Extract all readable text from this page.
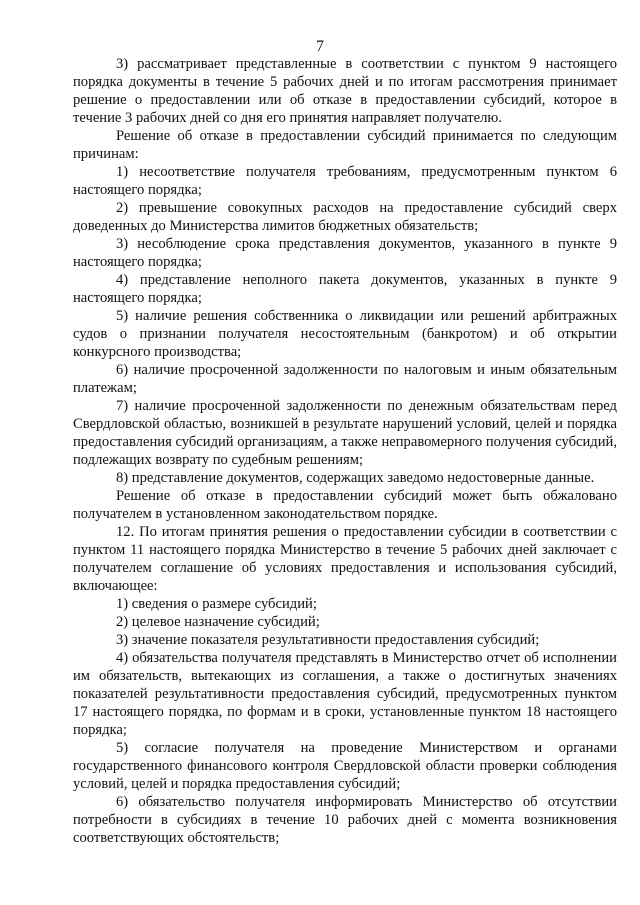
7

3) рассматривает представленные в соответствии с пунктом 9 настоящего порядка документы в течение 5 рабочих дней и по итогам рассмотрения принимает решение о предоставлении или об отказе в предоставлении субсидий, которое в течение 3 рабочих дней со дня его принятия направляет получателю.

Решение об отказе в предоставлении субсидий принимается по следующим причинам:

1) несоответствие получателя требованиям, предусмотренным пунктом 6 настоящего порядка;

2) превышение совокупных расходов на предоставление субсидий сверх доведенных до Министерства лимитов бюджетных обязательств;

3) несоблюдение срока представления документов, указанного в пункте 9 настоящего порядка;

4) представление неполного пакета документов, указанных в пункте 9 настоящего порядка;

5) наличие решения собственника о ликвидации или решений арбитражных судов о признании получателя несостоятельным (банкротом) и об открытии конкурсного производства;

6) наличие просроченной задолженности по налоговым и иным обязательным платежам;

7) наличие просроченной задолженности по денежным обязательствам перед Свердловской областью, возникшей в результате нарушений условий, целей и порядка предоставления субсидий организациям, а также неправомерного получения субсидий, подлежащих возврату по судебным решениям;

8) представление документов, содержащих заведомо недостоверные данные.

Решение об отказе в предоставлении субсидий может быть обжаловано получателем в установленном законодательством порядке.

12. По итогам принятия решения о предоставлении субсидии в соответствии с пунктом 11 настоящего порядка Министерство в течение 5 рабочих дней заключает с получателем соглашение об условиях предоставления и использования субсидий, включающее:

1) сведения о размере субсидий;

2) целевое назначение субсидий;

3) значение показателя результативности предоставления субсидий;

4) обязательства получателя представлять в Министерство отчет об исполнении им обязательств, вытекающих из соглашения, а также о достигнутых значениях показателей результативности предоставления субсидий, предусмотренных пунктом 17 настоящего порядка, по формам и в сроки, установленные пунктом 18 настоящего порядка;

5) согласие получателя на проведение Министерством и органами государственного финансового контроля Свердловской области проверки соблюдения условий, целей и порядка предоставления субсидий;

6) обязательство получателя информировать Министерство об отсутствии потребности в субсидиях в течение 10 рабочих дней с момента возникновения соответствующих обстоятельств;
